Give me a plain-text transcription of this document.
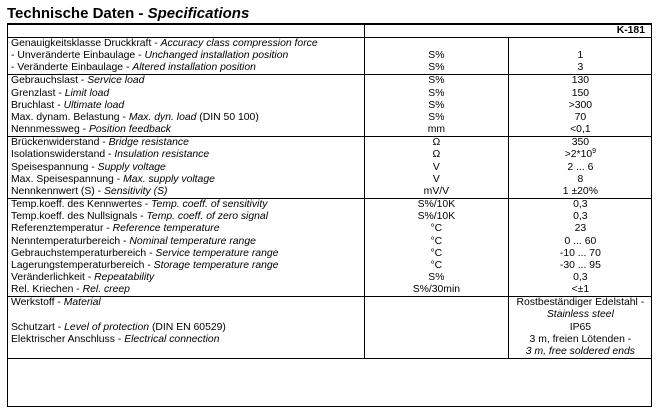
Technische Daten - Specifications
	K-181	
Genauigkeitsklasse Druckkraft - Accuracy class compression force		
- Unveränderte Einbaulage - Unchanged installation position	S%	1
- Veränderte Einbaulage - Altered installation position	S%	3
Gebrauchslast - Service load	S%	130
Grenzlast - Limit load	S%	150
Bruchlast - Ultimate load	S%	>300
Max. dynam. Belastung - Max. dyn. load (DIN 50 100)	S%	70
Nennmessweg - Position feedback	mm	<0,1
Brückenwiderstand - Bridge resistance	Ω	350
Isolationswiderstand - Insulation resistance	Ω	$>2*10^9$
Speisespannung - Supply voltage	V	2 ... 6
Max. Speisespannung - Max. supply voltage	V	8
Nennkennwert (S) - Sensitivity (S)	mV/V	1 ±20%
Temp.koeff. des Kennwertes - Temp. coeff. of sensitivity	S%/10K	0,3
Temp.koeff. des Nullsignals - Temp. coeff. of zero signal	S%/10K	0,3
Referenztemperatur - Reference temperature	°C	23
Nenntemperaturbereich - Nominal temperature range	°C	0 ... 60
Gebrauchstemperaturbereich - Service temperature range	°C	-10 ... 70
Lagerungstemperaturbereich - Storage temperature range	°C	-30 ... 95
Veränderlichkeit - Repeatability	S%	0,3
Rel. Kriechen - Rel. creep	S%/30min	<±1
Werkstoff - Material		Rostbeständiger Edelstahl -
		Stainless steel
Schutzart - Level of protection (DIN EN 60529)		IP65
Elektrischer Anschluss - Electrical connection		3 m, freien Lötenden -
		3 m, free soldered ends
